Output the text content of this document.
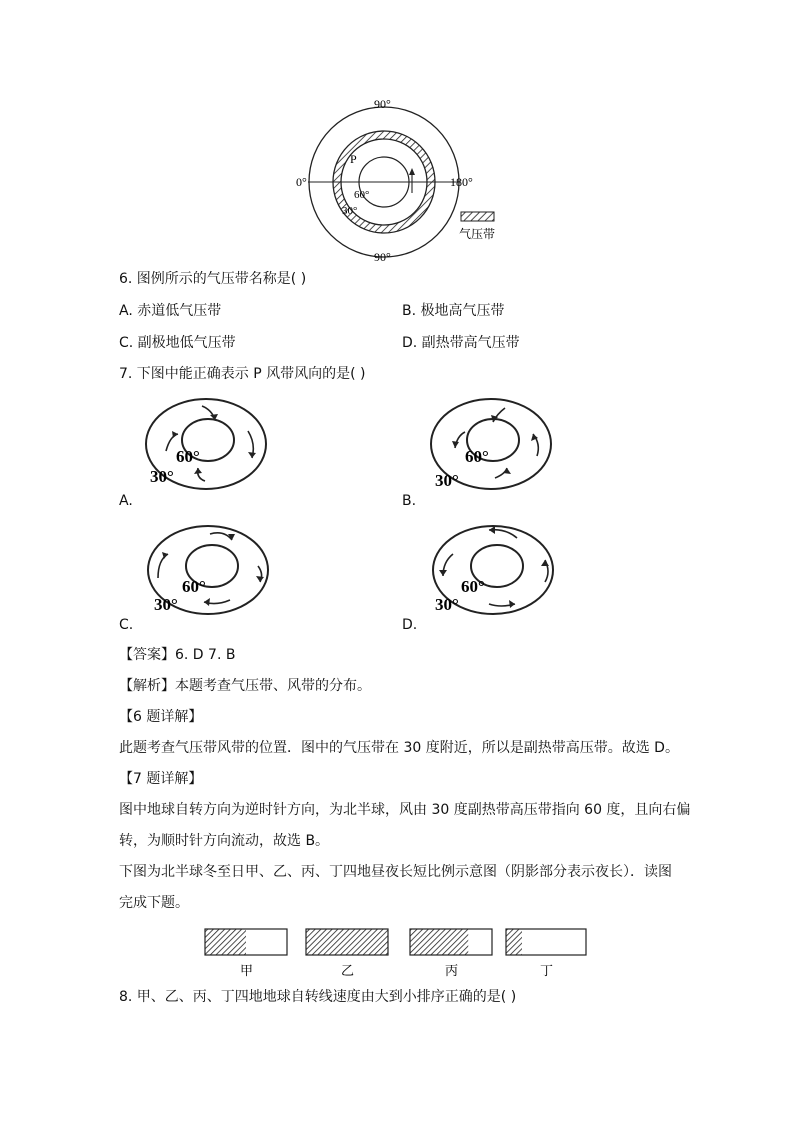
90°
90°
0°	180°
P
60°
30°
气压带
6. 图例所示的气压带名称是( )
A. 赤道低气压带	B. 极地高气压带
C. 副极地低气压带	D. 副热带高气压带
7. 下图中能正确表示 P 风带风向的是( )
60°
30°
A.
60°
30°
B.
60°
30°
C.
60°
30°
D.
【答案】6. D 7. B
【解析】本题考查气压带、风带的分布。
【6 题详解】
此题考查气压带风带的位置．图中的气压带在 30 度附近，所以是副热带高压带。故选 D。
【7 题详解】
图中地球自转方向为逆时针方向，为北半球，风由 30 度副热带高压带指向 60 度，且向右偏
转，为顺时针方向流动，故选 B。
下图为北半球冬至日甲、乙、丙、丁四地昼夜长短比例示意图（阴影部分表示夜长）．读图
完成下题。
甲	乙	丙	丁
8. 甲、乙、丙、丁四地地球自转线速度由大到小排序正确的是( )
